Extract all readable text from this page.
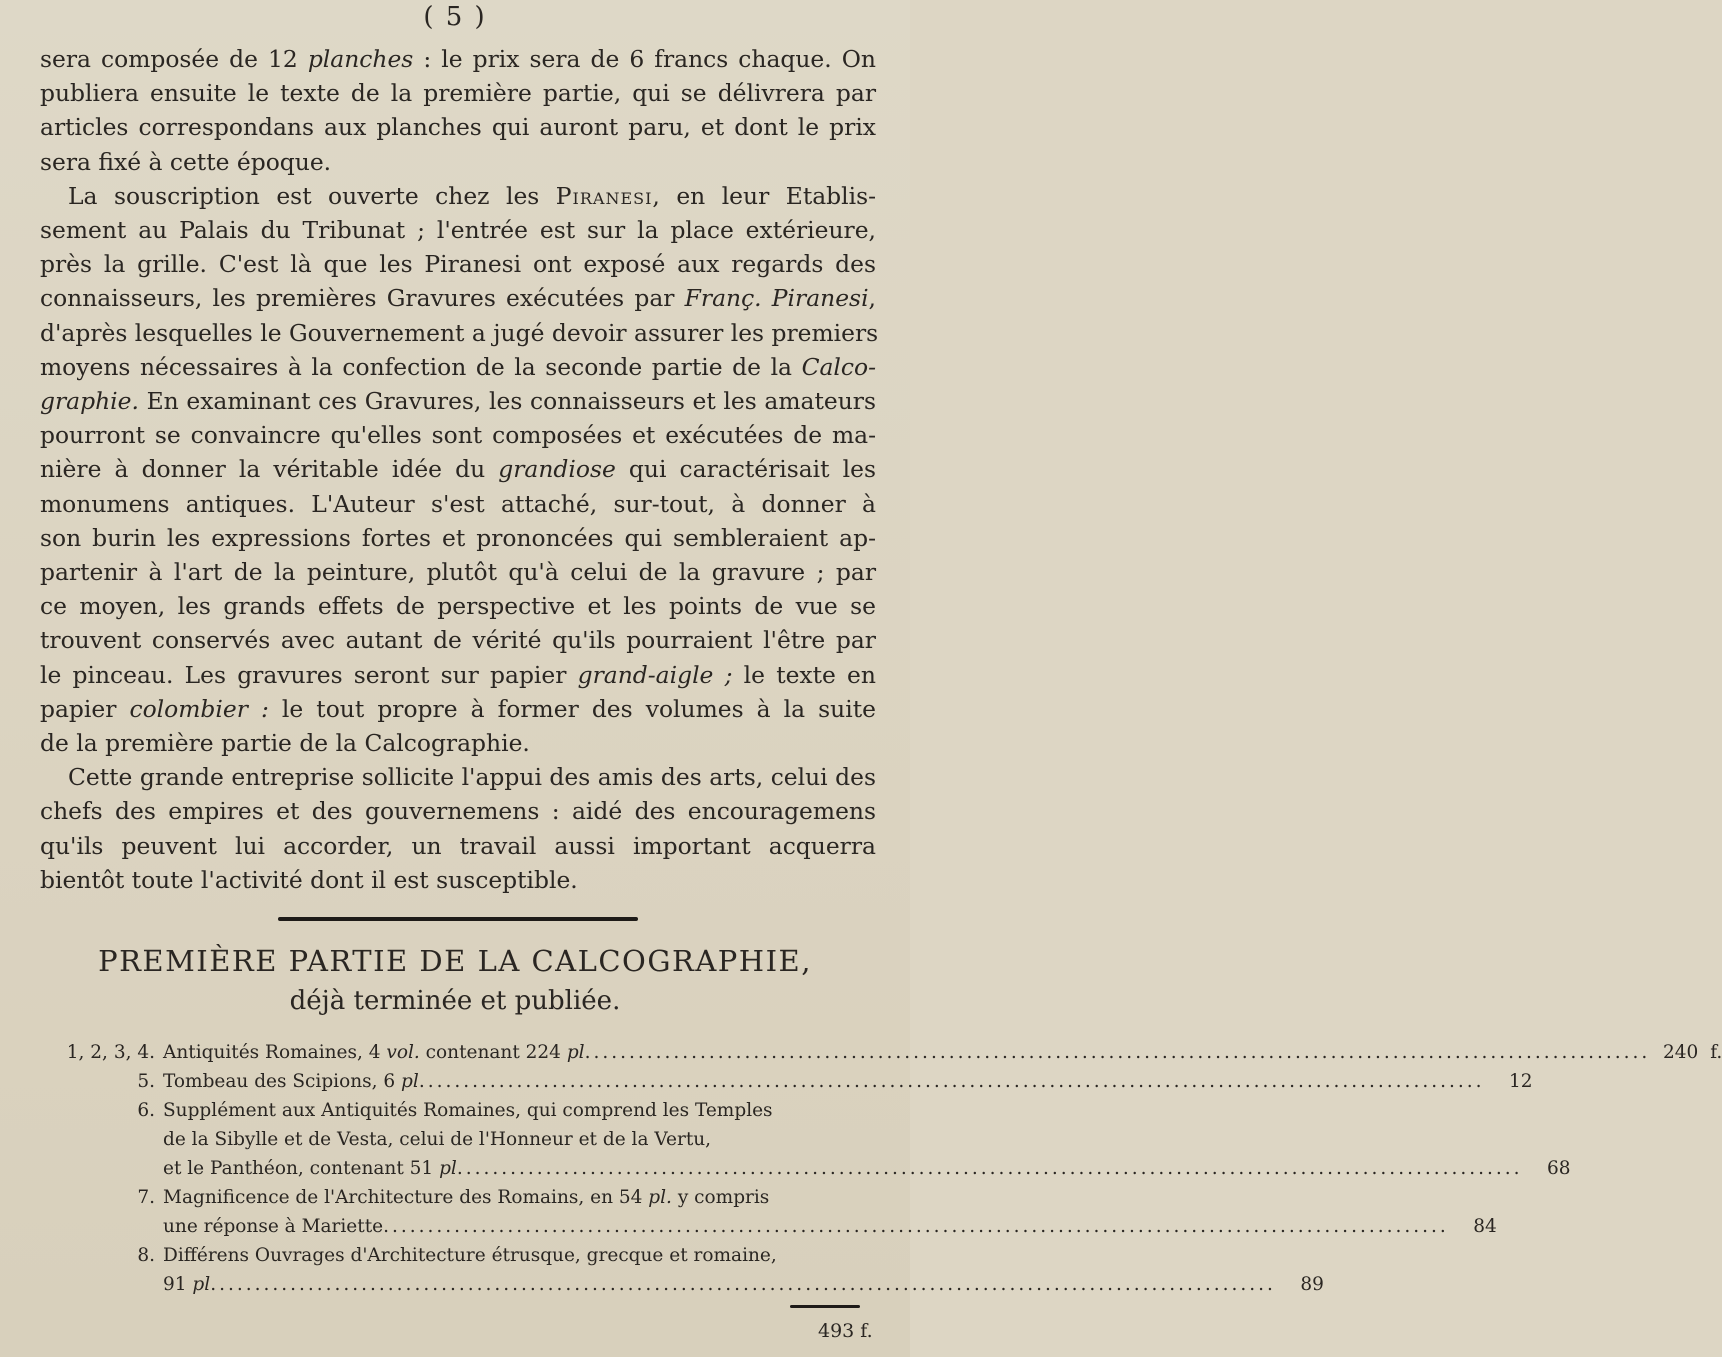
( 5 )

sera composée de 12 planches : le prix sera de 6 francs chaque. On
publiera ensuite le texte de la première partie, qui se délivrera par
articles correspondans aux planches qui auront paru, et dont le prix
sera fixé à cette époque.

La souscription est ouverte chez les Piranesi, en leur Etablis-
sement au Palais du Tribunat ; l'entrée est sur la place extérieure,
près la grille. C'est là que les Piranesi ont exposé aux regards des
connaisseurs, les premières Gravures exécutées par Franç. Piranesi,
d'après lesquelles le Gouvernement a jugé devoir assurer les premiers
moyens nécessaires à la confection de la seconde partie de la Calco-
graphie. En examinant ces Gravures, les connaisseurs et les amateurs
pourront se convaincre qu'elles sont composées et exécutées de ma-
nière à donner la véritable idée du grandiose qui caractérisait les
monumens antiques. L'Auteur s'est attaché, sur-tout, à donner à
son burin les expressions fortes et prononcées qui sembleraient ap-
partenir à l'art de la peinture, plutôt qu'à celui de la gravure ; par
ce moyen, les grands effets de perspective et les points de vue se
trouvent conservés avec autant de vérité qu'ils pourraient l'être par
le pinceau. Les gravures seront sur papier grand-aigle ; le texte en
papier colombier : le tout propre à former des volumes à la suite
de la première partie de la Calcographie.

Cette grande entreprise sollicite l'appui des amis des arts, celui des
chefs des empires et des gouvernemens : aidé des encouragemens
qu'ils peuvent lui accorder, un travail aussi important acquerra
bientôt toute l'activité dont il est susceptible.

PREMIÈRE PARTIE DE LA CALCOGRAPHIE,
déjà terminée et publiée.
1, 2, 3, 4. Antiquités Romaines, 4 vol. contenant 224 pl........................................................................................................................ 240 f.
5. Tombeau des Scipions, 6 pl........................................................................................................................	12
6. Supplément aux Antiquités Romaines, qui comprend les Temples
de la Sibylle et de Vesta, celui de l'Honneur et de la Vertu,
et le Panthéon, contenant 51 pl........................................................................................................................	68
7. Magnificence de l'Architecture des Romains, en 54 pl. y compris
une réponse à Mariette........................................................................................................................	84
8. Différens Ouvrages d'Architecture étrusque, grecque et romaine,
91 pl........................................................................................................................	89
493 f.
